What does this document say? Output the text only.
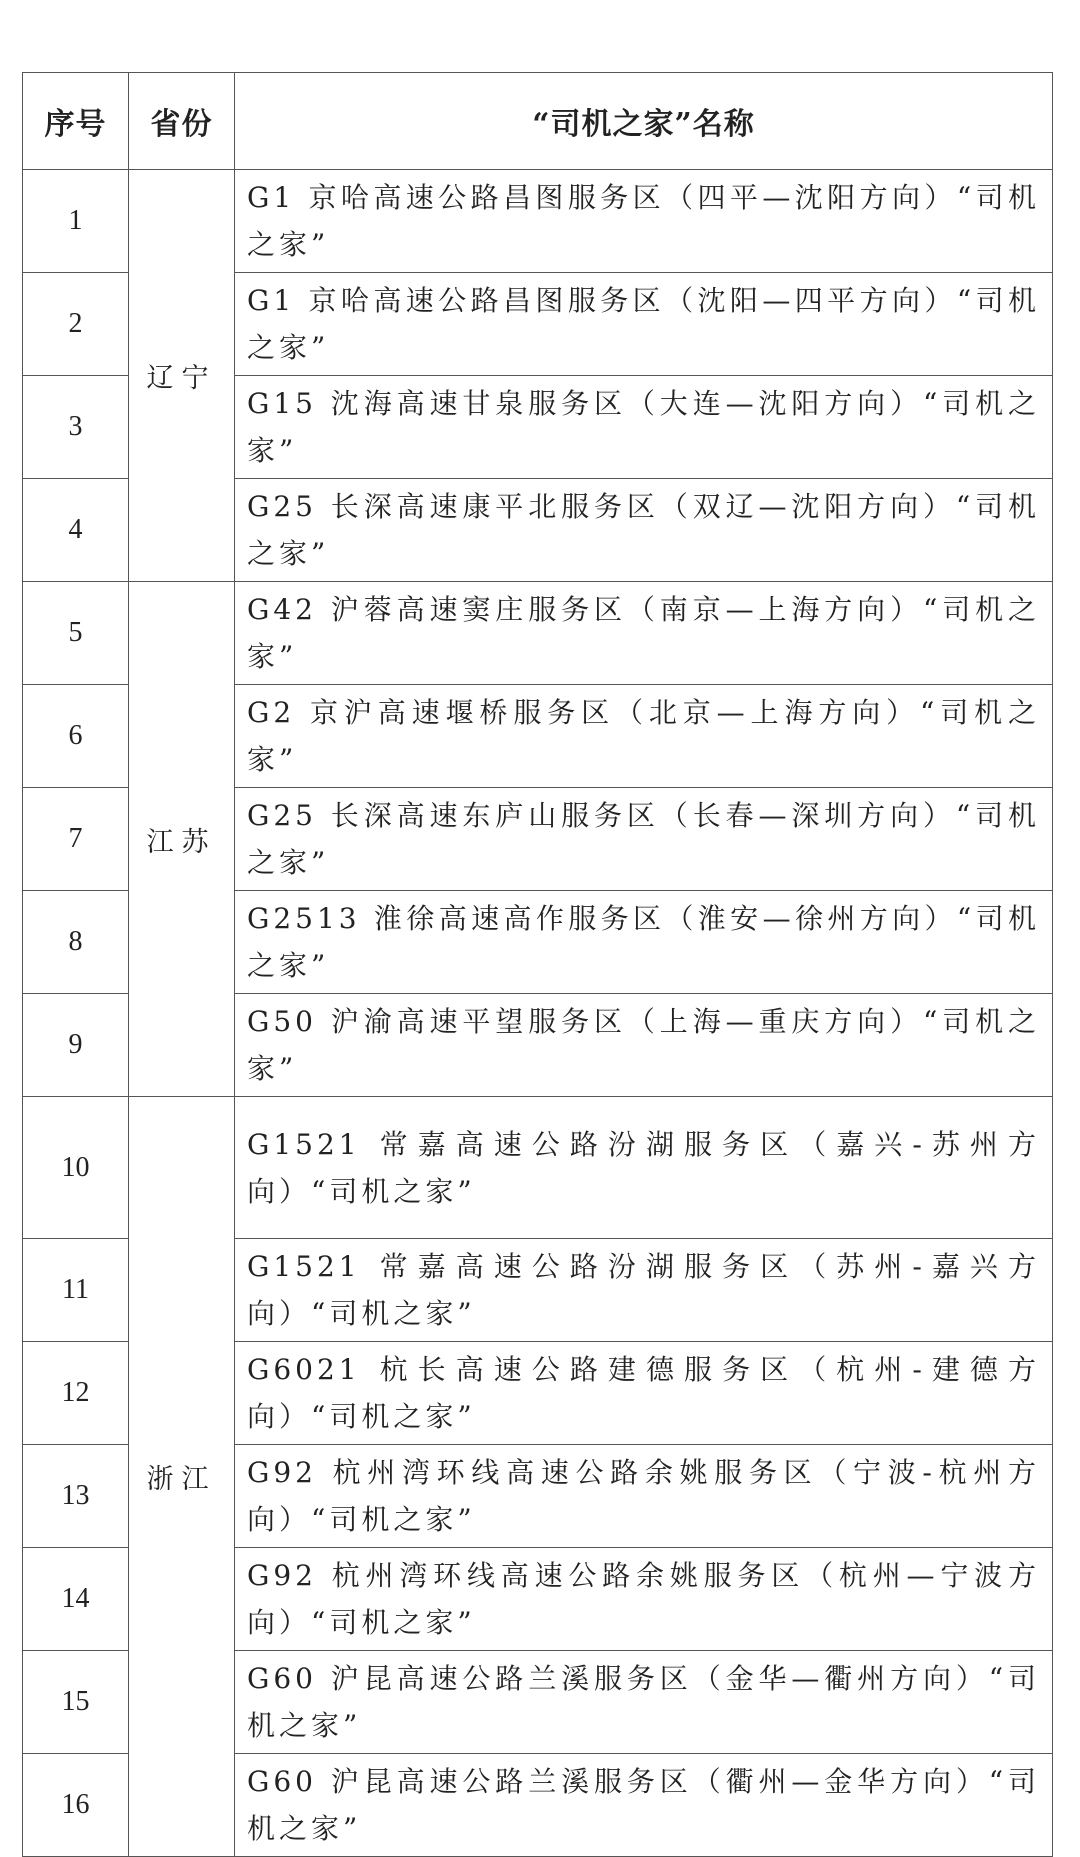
序号	省份	“司机之家”名称
1	辽宁	G1 京哈高速公路昌图服务区（四平—沈阳方向）“司机之家”
2		G1 京哈高速公路昌图服务区（沈阳—四平方向）“司机之家”
3		G15 沈海高速甘泉服务区（大连—沈阳方向）“司机之家”
4		G25 长深高速康平北服务区（双辽—沈阳方向）“司机之家”
5	江苏	G42 沪蓉高速窦庄服务区（南京—上海方向）“司机之家”
6		G2 京沪高速堰桥服务区（北京—上海方向）“司机之家”
7		G25 长深高速东庐山服务区（长春—深圳方向）“司机之家”
8		G2513 淮徐高速高作服务区（淮安—徐州方向）“司机之家”
9		G50 沪渝高速平望服务区（上海—重庆方向）“司机之家”
10	浙江	G1521 常嘉高速公路汾湖服务区（嘉兴-苏州方向）“司机之家”
11		G1521 常嘉高速公路汾湖服务区（苏州-嘉兴方向）“司机之家”
12		G6021 杭长高速公路建德服务区（杭州-建德方向）“司机之家”
13		G92 杭州湾环线高速公路余姚服务区（宁波-杭州方向）“司机之家”
14		G92 杭州湾环线高速公路余姚服务区（杭州—宁波方向）“司机之家”
15		G60 沪昆高速公路兰溪服务区（金华—衢州方向）“司机之家”
16		G60 沪昆高速公路兰溪服务区（衢州—金华方向）“司机之家”
